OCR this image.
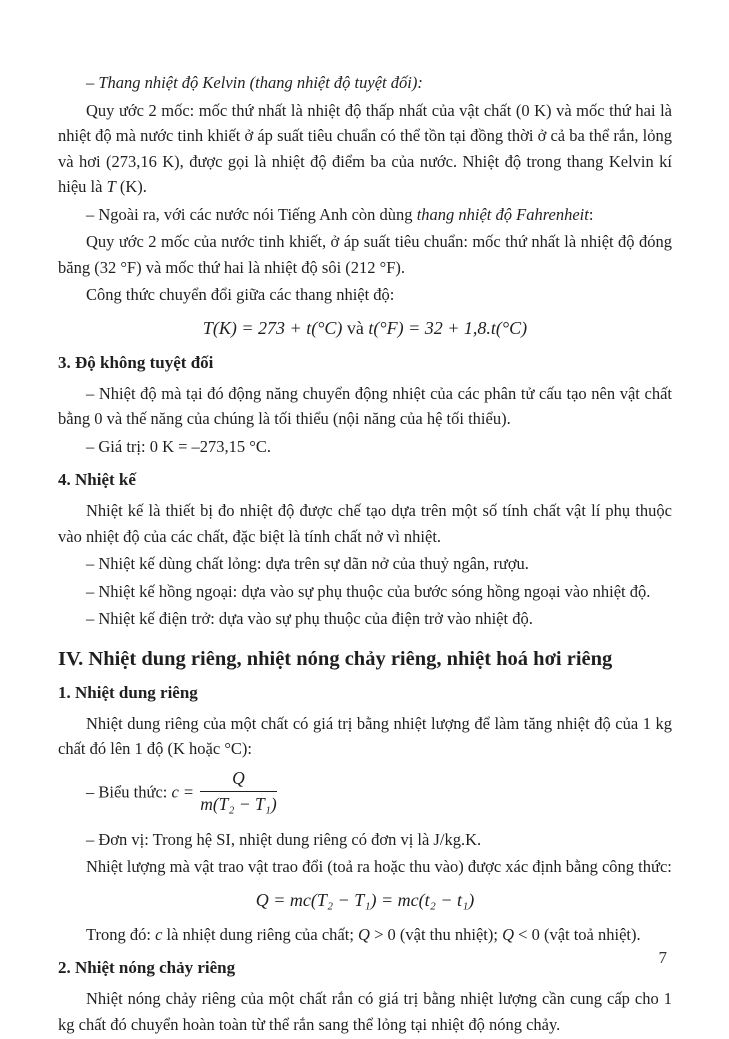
– Thang nhiệt độ Kelvin (thang nhiệt độ tuyệt đối):

Quy ước 2 mốc: mốc thứ nhất là nhiệt độ thấp nhất của vật chất (0 K) và mốc thứ hai là nhiệt độ mà nước tinh khiết ở áp suất tiêu chuẩn có thể tồn tại đồng thời ở cả ba thể rắn, lỏng và hơi (273,16 K), được gọi là nhiệt độ điểm ba của nước. Nhiệt độ trong thang Kelvin kí hiệu là T (K).

– Ngoài ra, với các nước nói Tiếng Anh còn dùng thang nhiệt độ Fahrenheit:

Quy ước 2 mốc của nước tinh khiết, ở áp suất tiêu chuẩn: mốc thứ nhất là nhiệt độ đóng băng (32 °F) và mốc thứ hai là nhiệt độ sôi (212 °F).

Công thức chuyển đổi giữa các thang nhiệt độ:

T(K) = 273 + t(°C) và t(°F) = 32 + 1,8.t(°C)

3. Độ không tuyệt đối

– Nhiệt độ mà tại đó động năng chuyển động nhiệt của các phân tử cấu tạo nên vật chất bằng 0 và thế năng của chúng là tối thiểu (nội năng của hệ tối thiểu).

– Giá trị: 0 K = –273,15 °C.

4. Nhiệt kế

Nhiệt kế là thiết bị đo nhiệt độ được chế tạo dựa trên một số tính chất vật lí phụ thuộc vào nhiệt độ của các chất, đặc biệt là tính chất nở vì nhiệt.

– Nhiệt kế dùng chất lỏng: dựa trên sự dãn nở của thuỷ ngân, rượu.

– Nhiệt kế hồng ngoại: dựa vào sự phụ thuộc của bước sóng hồng ngoại vào nhiệt độ.

– Nhiệt kế điện trở: dựa vào sự phụ thuộc của điện trở vào nhiệt độ.

IV. Nhiệt dung riêng, nhiệt nóng chảy riêng, nhiệt hoá hơi riêng

1. Nhiệt dung riêng

Nhiệt dung riêng của một chất có giá trị bằng nhiệt lượng để làm tăng nhiệt độ của 1 kg chất đó lên 1 độ (K hoặc °C):

– Biểu thức: $c = \frac{Q}{\text{m(T₂ − T₁)}}$

– Đơn vị: Trong hệ SI, nhiệt dung riêng có đơn vị là J/kg.K.

Nhiệt lượng mà vật trao vật trao đổi (toả ra hoặc thu vào) được xác định bằng công thức:

Q = mc(T₂ − T₁) = mc(t₂ − t₁)

Trong đó: c là nhiệt dung riêng của chất; Q > 0 (vật thu nhiệt); Q < 0 (vật toả nhiệt).

2. Nhiệt nóng chảy riêng

Nhiệt nóng chảy riêng của một chất rắn có giá trị bằng nhiệt lượng cần cung cấp cho 1 kg chất đó chuyển hoàn toàn từ thể rắn sang thể lỏng tại nhiệt độ nóng chảy.

7
